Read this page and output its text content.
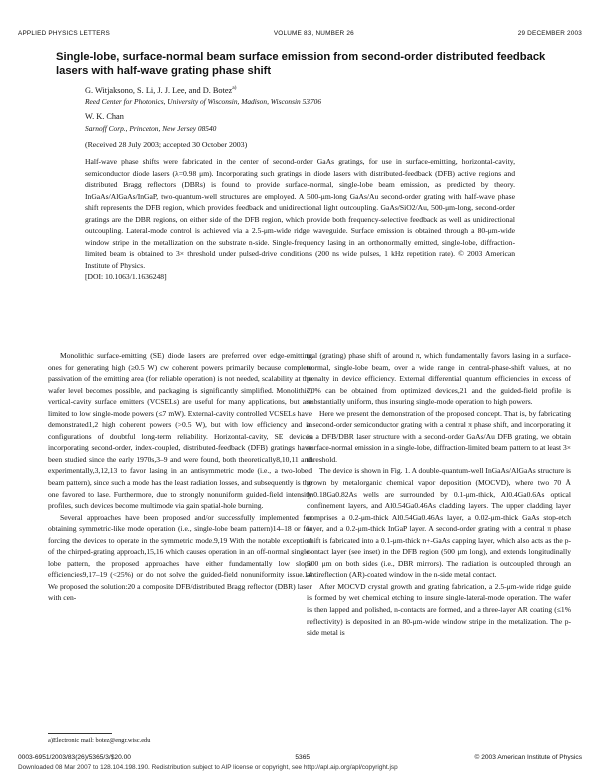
APPLIED PHYSICS LETTERS	VOLUME 83, NUMBER 26	29 DECEMBER 2003
Single-lobe, surface-normal beam surface emission from second-order distributed feedback lasers with half-wave grating phase shift
G. Witjaksono, S. Li, J. J. Lee, and D. Botez$^{a)}$
Reed Center for Photonics, University of Wisconsin, Madison, Wisconsin 53706
W. K. Chan
Sarnoff Corp., Princeton, New Jersey 08540
(Received 28 July 2003; accepted 30 October 2003)
Half-wave phase shifts were fabricated in the center of second-order GaAs gratings, for use in surface-emitting, horizontal-cavity, semiconductor diode lasers (λ=0.98 μm). Incorporating such gratings in diode lasers with distributed-feedback (DFB) active regions and distributed Bragg reflectors (DBRs) is found to provide surface-normal, single-lobe beam emission, as predicted by theory. InGaAs/AlGaAs/InGaP, two-quantum-well structures are employed. A 500-μm-long GaAs/Au second-order grating with half-wave phase shift represents the DFB region, which provides feedback and unidirectional light outcoupling. GaAs/SiO2/Au, 500-μm-long, second-order gratings are the DBR regions, on either side of the DFB region, which provide both frequency-selective feedback as well as unidirectional outcoupling. Lateral-mode control is achieved via a 2.5-μm-wide ridge waveguide. Surface emission is obtained through a 80-μm-wide window stripe in the metallization on the substrate n-side. Single-frequency lasing in an orthonormally emitted, single-lobe, diffraction-limited beam is obtained to 3× threshold under pulsed-drive conditions (200 ns wide pulses, 1 kHz repetition rate). © 2003 American Institute of Physics.
[DOI: 10.1063/1.1636248]

Monolithic surface-emitting (SE) diode lasers are preferred over edge-emitting ones for generating high (≥0.5 W) cw coherent powers primarily because complete passivation of the emitting area (for reliable operation) is not needed, scalability at the wafer level becomes possible, and packaging is significantly simplified. Monolithic, vertical-cavity surface emitters (VCSELs) are useful for many applications, but are limited to low single-mode powers (≤7 mW). External-cavity controlled VCSELs have demonstrated1,2 high coherent powers (>0.5 W), but with low efficiency and in configurations of doubtful long-term reliability. Horizontal-cavity, SE devices incorporating second-order, index-coupled, distributed-feedback (DFB) gratings have been studied since the early 1970s,3–9 and were found, both theoretically8,10,11 and experimentally,3,12,13 to favor lasing in an antisymmetric mode (i.e., a two-lobed beam pattern), since such a mode has the least radiation losses, and subsequently is the one favored to lase. Furthermore, due to strongly nonuniform guided-field intensity profiles, such devices become multimode via gain spatial-hole burning.

Several approaches have been proposed and/or successfully implemented for obtaining symmetric-like mode operation (i.e., single-lobe beam pattern)14–18 or for forcing the devices to operate in the symmetric mode.9,19 With the notable exception of the chirped-grating approach,15,16 which causes operation in an off-normal single-lobe pattern, the proposed approaches have either fundamentally low slope efficiencies9,17–19 (<25%) or do not solve the guided-field nonuniformity issue.14 We proposed the solution:20 a composite DFB/distributed Bragg reflector (DBR) laser with cen-

tral (grating) phase shift of around π, which fundamentally favors lasing in a surface-normal, single-lobe beam, over a wide range in central-phase-shift values, at no penalty in device efficiency. External differential quantum efficiencies in excess of 70% can be obtained from optimized devices,21 and the guided-field profile is substantially uniform, thus insuring single-mode operation to high powers.

Here we present the demonstration of the proposed concept. That is, by fabricating a second-order semiconductor grating with a central π phase shift, and incorporating it in a DFB/DBR laser structure with a second-order GaAs/Au DFB grating, we obtain surface-normal emission in a single-lobe, diffraction-limited beam pattern to at least 3× threshold.

The device is shown in Fig. 1. A double-quantum-well InGaAs/AlGaAs structure is grown by metalorganic chemical vapor deposition (MOCVD), where two 70 Å In0.18Ga0.82As wells are surrounded by 0.1-μm-thick, Al0.4Ga0.6As optical confinement layers, and Al0.54Ga0.46As cladding layers. The upper cladding layer comprises a 0.2-μm-thick Al0.54Ga0.46As layer, a 0.02-μm-thick GaAs stop-etch layer, and a 0.2-μm-thick InGaP layer. A second-order grating with a central π phase shift is fabricated into a 0.1-μm-thick n+-GaAs capping layer, which also acts as the p-contact layer (see inset) in the DFB region (500 μm long), and extends longitudinally 500 μm on both sides (i.e., DBR mirrors). The radiation is outcoupled through an antireflection (AR)-coated window in the n-side metal contact.

After MOCVD crystal growth and grating fabrication, a 2.5-μm-wide ridge guide is formed by wet chemical etching to insure single-lateral-mode operation. The wafer is then lapped and polished, n-contacts are formed, and a three-layer AR coating (≤1% reflectivity) is deposited in an 80-μm-wide window stripe in the metalization. The p-side metal is

a)Electronic mail: botez@engr.wisc.edu
0003-6951/2003/83(26)/5365/3/$20.00	5365	© 2003 American Institute of Physics
Downloaded 08 Mar 2007 to 128.104.198.190. Redistribution subject to AIP license or copyright, see http://apl.aip.org/apl/copyright.jsp
